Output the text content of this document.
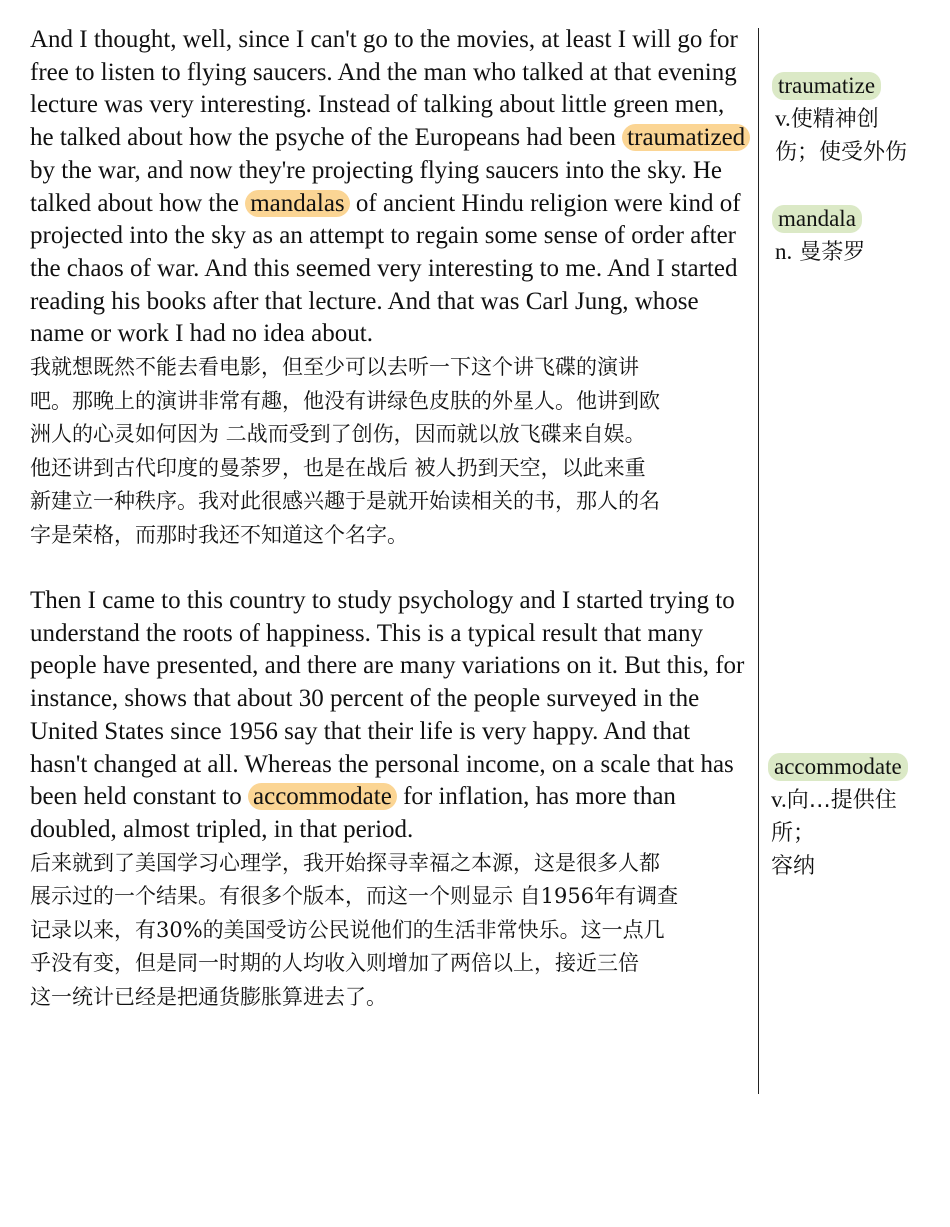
And I thought, well, since I can't go to the movies, at least I will go for free to listen to flying saucers. And the man who talked at that evening lecture was very interesting. Instead of talking about little green men, he talked about how the psyche of the Europeans had been traumatized by the war, and now they're projecting flying saucers into the sky. He talked about how the mandalas of ancient Hindu religion were kind of projected into the sky as an attempt to regain some sense of order after the chaos of war. And this seemed very interesting to me. And I started reading his books after that lecture. And that was Carl Jung, whose name or work I had no idea about.

我就想既然不能去看电影，但至少可以去听一下这个讲飞碟的演讲
吧。那晚上的演讲非常有趣，他没有讲绿色皮肤的外星人。他讲到欧
洲人的心灵如何因为 二战而受到了创伤，因而就以放飞碟来自娱。
他还讲到古代印度的曼荼罗，也是在战后 被人扔到天空，以此来重
新建立一种秩序。我对此很感兴趣于是就开始读相关的书，那人的名
字是荣格，而那时我还不知道这个名字。

Then I came to this country to study psychology and I started trying to understand the roots of happiness. This is a typical result that many people have presented, and there are many variations on it. But this, for instance, shows that about 30 percent of the people surveyed in the United States since 1956 say that their life is very happy. And that hasn't changed at all. Whereas the personal income, on a scale that has been held constant to accommodate for inflation, has more than doubled, almost tripled, in that period.

后来就到了美国学习心理学，我开始探寻幸福之本源，这是很多人都
展示过的一个结果。有很多个版本，而这一个则显示 自1956年有调查
记录以来，有30%的美国受访公民说他们的生活非常快乐。这一点几
乎没有变，但是同一时期的人均收入则增加了两倍以上，接近三倍
这一统计已经是把通货膨胀算进去了。
traumatize
v.使精神创
伤；使受外伤
mandala
n. 曼荼罗
accommodate
v.向…提供住
所；
容纳
